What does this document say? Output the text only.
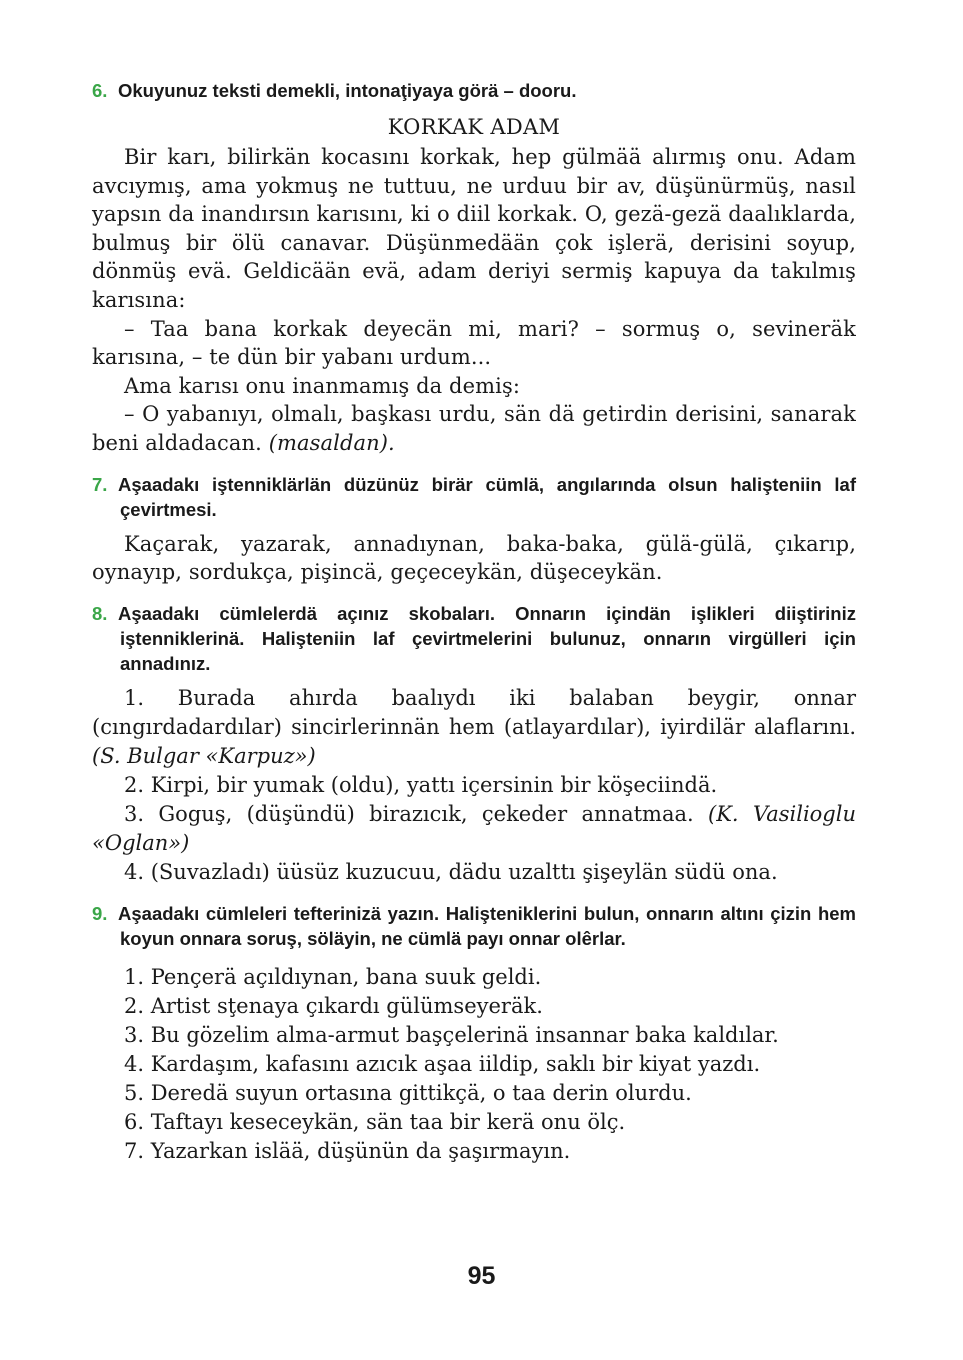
6. Okuyunuz teksti demekli, intonaţiyaya görä – dooru.

KORKAK ADAM

Bir karı, bilirkän kocasını korkak, hep gülmää alırmış onu. Adam avcıymış, ama yokmuş ne tuttuu, ne urduu bir av, düşünürmüş, nasıl yapsın da inandırsın karısını, ki o diil korkak. O, gezä-gezä daalıklarda, bulmuş bir ölü canavar. Düşünmedään çok işlerä, derisini soyup, dönmüş evä. Geldicään evä, adam deriyi sermiş kapuya da takılmış karısına:

– Taa bana korkak deyecän mi, mari? – sormuş o, sevineräk karısına, – te dün bir yabanı urdum...

Ama karısı onu inanmamış da demiş:

– O yabanıyı, olmalı, başkası urdu, sän dä getirdin derisini, sanarak beni aldadacan. (masaldan).

7. Aşaadakı iştenniklärlän düzünüz birär cümlä, angılarında olsun halişteniin laf çevirtmesi.

Kaçarak, yazarak, annadıynan, baka-baka, gülä-gülä, çıkarıp, oynayıp, sordukça, pişincä, geçeceykän, düşeceykän.

8. Aşaadakı cümlelerdä açınız skobaları. Onnarın içindän işlikleri diiştiriniz iştenniklerinä. Halişteniin laf çevirtmelerini bulunuz, onnarın virgülleri için annadınız.

1. Burada ahırda baalıydı iki balaban beygir, onnar (cıngırdadardılar) sincirlerinnän hem (atlayardılar), iyirdilär alaflarını. (S. Bulgar «Karpuz»)
2. Kirpi, bir yumak (oldu), yattı içersinin bir köşeciindä.
3. Goguş, (düşündü) birazıcık, çekeder annatmaa. (K. Vasilioglu «Oglan»)
4. (Suvazladı) üüsüz kuzucuu, dädu uzalttı şişeylän südü ona.

9. Aşaadakı cümleleri tefterinizä yazın. Halişteniklerini bulun, onnarın altını çizin hem koyun onnara soruş, söläyin, ne cümlä payı onnar olêrlar.

1. Pençerä açıldıynan, bana suuk geldi.
2. Artist sţenaya çıkardı gülümseyeräk.
3. Bu gözelim alma-armut başçelerinä insannar baka kaldılar.
4. Kardaşım, kafasını azıcık aşaa iildip, saklı bir kiyat yazdı.
5. Deredä suyun ortasına gittikçä, o taa derin olurdu.
6. Taftayı keseceykän, sän taa bir kerä onu ölç.
7. Yazarkan islää, düşünün da şaşırmayın.
95
